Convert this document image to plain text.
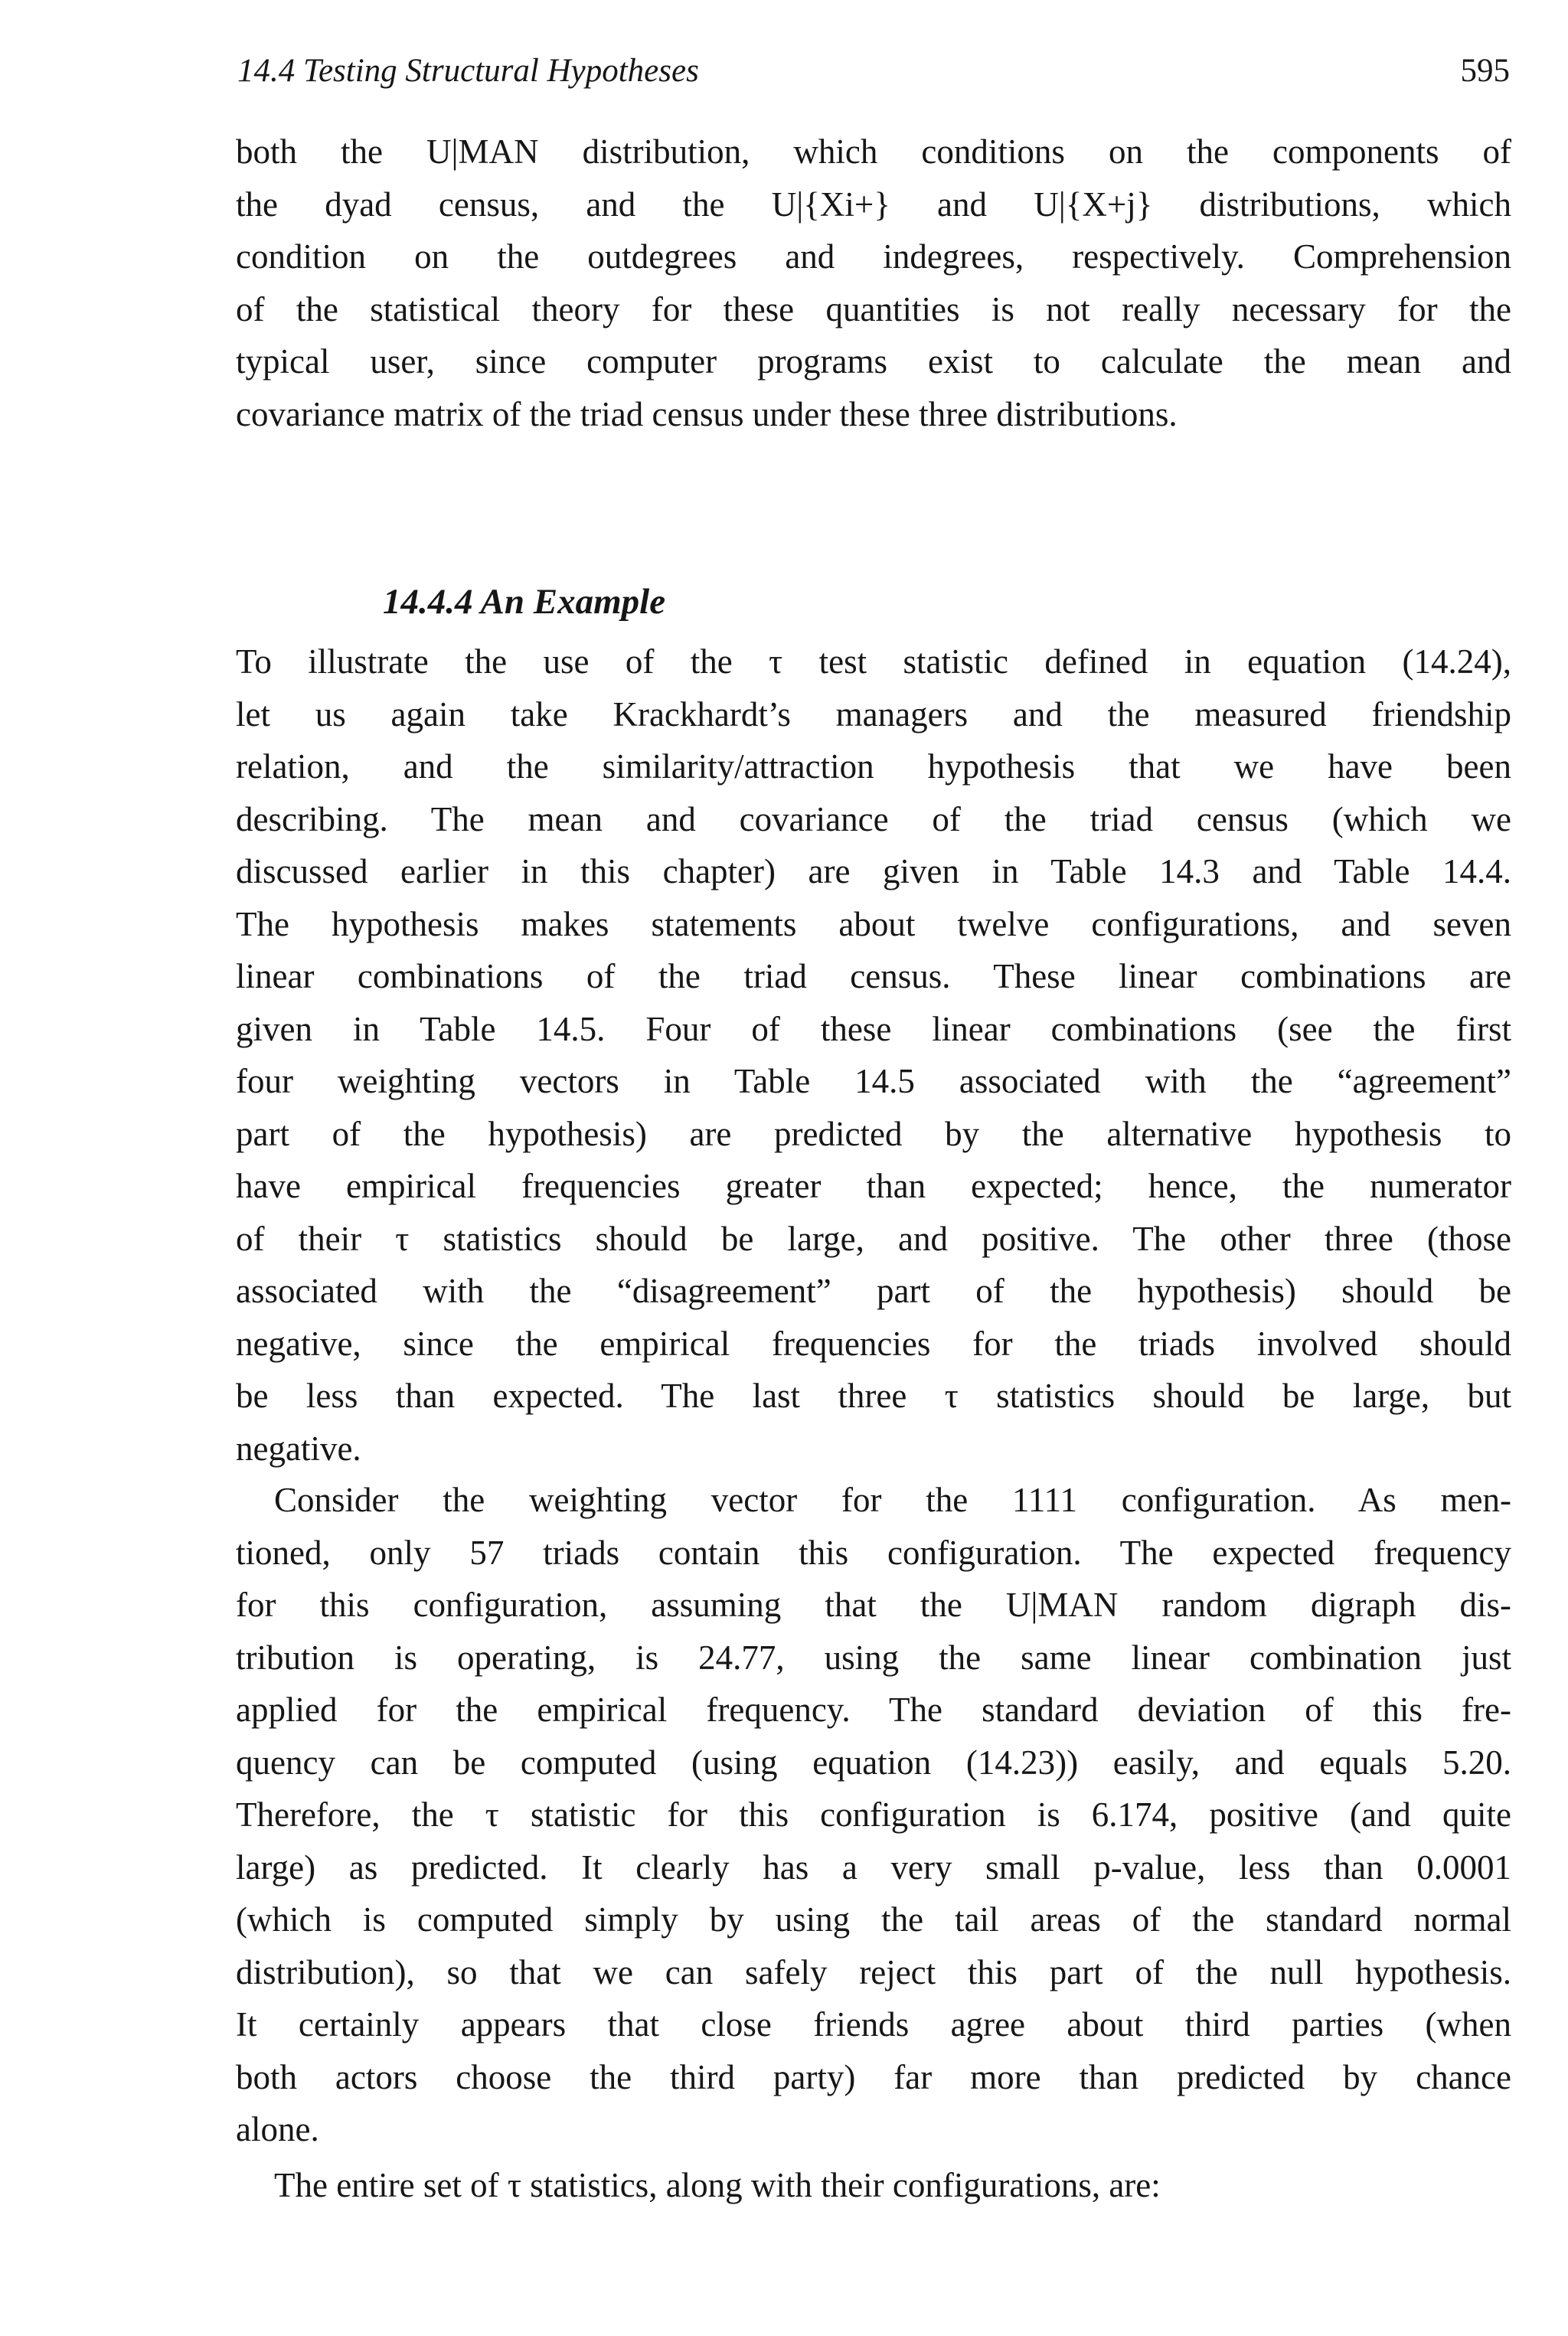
14.4 Testing Structural Hypotheses	595
both the U|MAN distribution, which conditions on the components of
the dyad census, and the U|{Xi+} and U|{X+j} distributions, which
condition on the outdegrees and indegrees, respectively. Comprehension
of the statistical theory for these quantities is not really necessary for the
typical user, since computer programs exist to calculate the mean and
covariance matrix of the triad census under these three distributions.
14.4.4 An Example
To illustrate the use of the τ test statistic defined in equation (14.24),
let us again take Krackhardt’s managers and the measured friendship
relation, and the similarity/attraction hypothesis that we have been
describing. The mean and covariance of the triad census (which we
discussed earlier in this chapter) are given in Table 14.3 and Table 14.4.
The hypothesis makes statements about twelve configurations, and seven
linear combinations of the triad census. These linear combinations are
given in Table 14.5. Four of these linear combinations (see the first
four weighting vectors in Table 14.5 associated with the “agreement”
part of the hypothesis) are predicted by the alternative hypothesis to
have empirical frequencies greater than expected; hence, the numerator
of their τ statistics should be large, and positive. The other three (those
associated with the “disagreement” part of the hypothesis) should be
negative, since the empirical frequencies for the triads involved should
be less than expected. The last three τ statistics should be large, but
negative.
Consider the weighting vector for the 1111 configuration. As men-
tioned, only 57 triads contain this configuration. The expected frequency
for this configuration, assuming that the U|MAN random digraph dis-
tribution is operating, is 24.77, using the same linear combination just
applied for the empirical frequency. The standard deviation of this fre-
quency can be computed (using equation (14.23)) easily, and equals 5.20.
Therefore, the τ statistic for this configuration is 6.174, positive (and quite
large) as predicted. It clearly has a very small p-value, less than 0.0001
(which is computed simply by using the tail areas of the standard normal
distribution), so that we can safely reject this part of the null hypothesis.
It certainly appears that close friends agree about third parties (when
both actors choose the third party) far more than predicted by chance
alone.
The entire set of τ statistics, along with their configurations, are:
